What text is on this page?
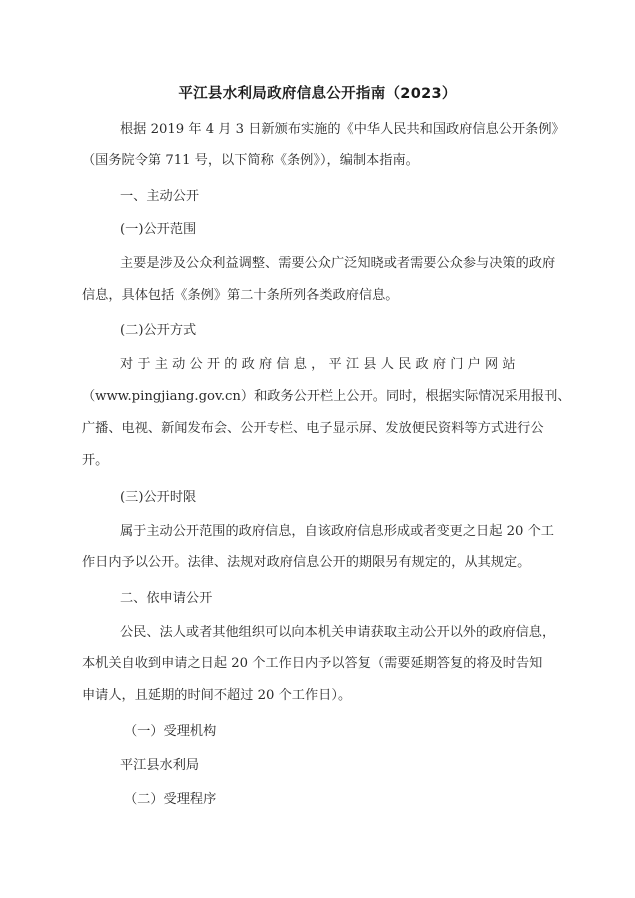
平江县水利局政府信息公开指南（2023）
根据 2019 年 4 月 3 日新颁布实施的《中华人民共和国政府信息公开条例》
（国务院令第 711 号，以下简称《条例》），编制本指南。
一、主动公开
(一)公开范围
主要是涉及公众利益调整、需要公众广泛知晓或者需要公众参与决策的政府
信息，具体包括《条例》第二十条所列各类政府信息。
(二)公开方式
对 于 主 动 公 开 的 政 府 信 息 ， 平 江 县 人 民 政 府 门 户 网 站
（www.pingjiang.gov.cn）和政务公开栏上公开。同时，根据实际情况采用报刊、
广播、电视、新闻发布会、公开专栏、电子显示屏、发放便民资料等方式进行公
开。
(三)公开时限
属于主动公开范围的政府信息，自该政府信息形成或者变更之日起 20 个工
作日内予以公开。法律、法规对政府信息公开的期限另有规定的，从其规定。
二、依申请公开
公民、法人或者其他组织可以向本机关申请获取主动公开以外的政府信息，
本机关自收到申请之日起 20 个工作日内予以答复（需要延期答复的将及时告知
申请人，且延期的时间不超过 20 个工作日）。
（一）受理机构
平江县水利局
（二）受理程序
